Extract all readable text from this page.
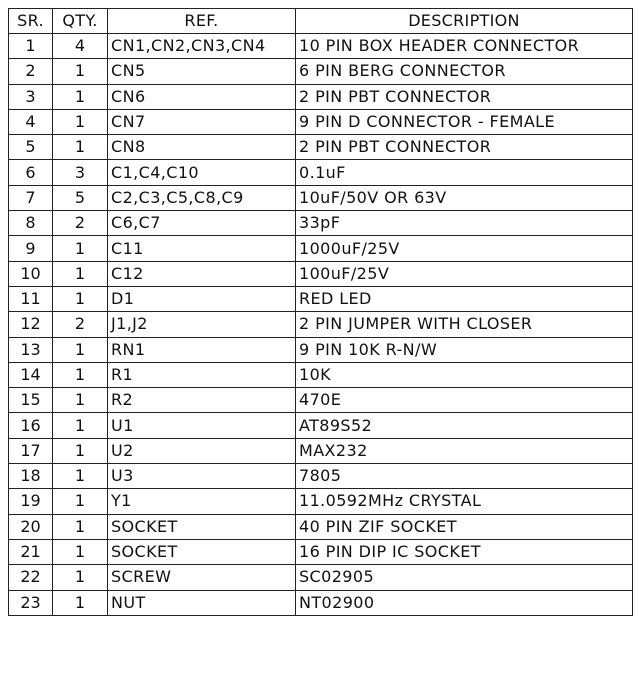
SR.	QTY.	REF.	DESCRIPTION
1	4	CN1,CN2,CN3,CN4	10 PIN BOX HEADER CONNECTOR
2	1	CN5	6 PIN BERG CONNECTOR
3	1	CN6	2 PIN PBT CONNECTOR
4	1	CN7	9 PIN D CONNECTOR - FEMALE
5	1	CN8	2 PIN PBT CONNECTOR
6	3	C1,C4,C10	0.1uF
7	5	C2,C3,C5,C8,C9	10uF/50V OR 63V
8	2	C6,C7	33pF
9	1	C11	1000uF/25V
10	1	C12	100uF/25V
11	1	D1	RED LED
12	2	J1,J2	2 PIN JUMPER WITH CLOSER
13	1	RN1	9 PIN 10K R-N/W
14	1	R1	10K
15	1	R2	470E
16	1	U1	AT89S52
17	1	U2	MAX232
18	1	U3	7805
19	1	Y1	11.0592MHz CRYSTAL
20	1	SOCKET	40 PIN ZIF SOCKET
21	1	SOCKET	16 PIN DIP IC SOCKET
22	1	SCREW	SC02905
23	1	NUT	NT02900
